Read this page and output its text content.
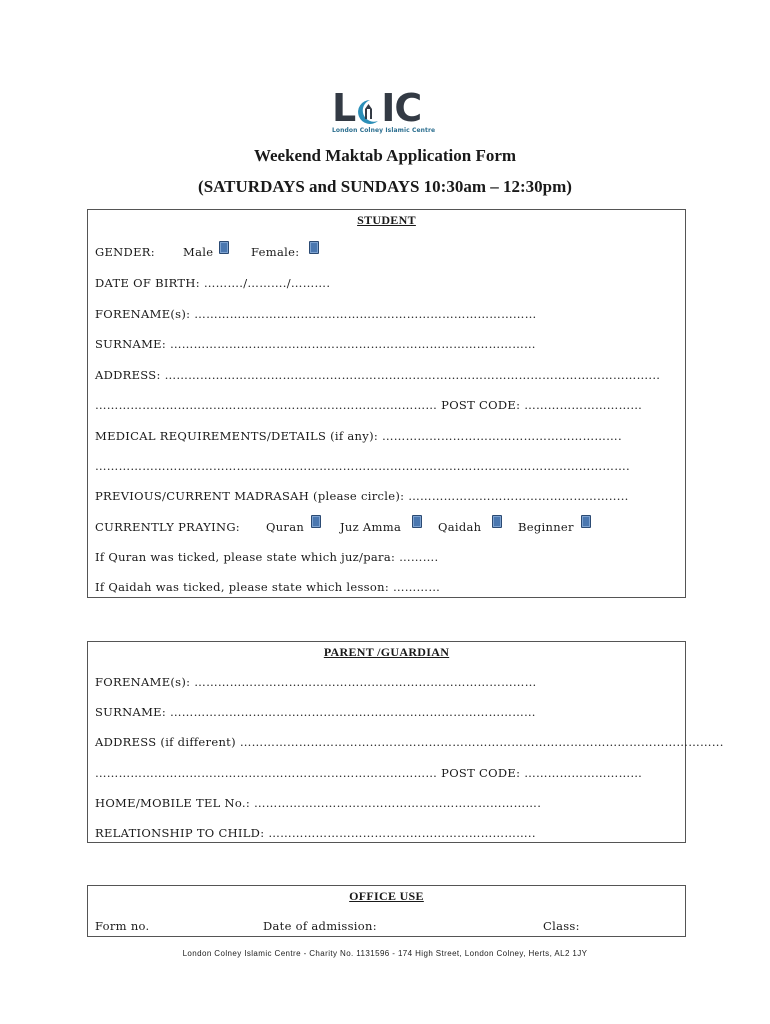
L IC
London Colney Islamic Centre
Weekend Maktab Application Form
(SATURDAYS and SUNDAYS 10:30am – 12:30pm)
STUDENT
GENDER: Male	Female:
DATE OF BIRTH: ………./………./……….
FORENAME(s): ……………………………………………………………………………
SURNAME: …………………………………………………………………………………
ADDRESS: ……………………………………………………………………………………………………………...
…………………………………………………………………………… POST CODE: …………………………
MEDICAL REQUIREMENTS/DETAILS (if any): …………………………………………………….
……………………………………………………………………………………………………………………….
PREVIOUS/CURRENT MADRASAH (please circle): …………………………………………….....
CURRENTLY PRAYING: Quran	Juz Amma	Qaidah	Beginner
If Quran was ticked, please state which juz/para: ……….
If Qaidah was ticked, please state which lesson: …………
PARENT /GUARDIAN
FORENAME(s): ……………………………………………………………………………
SURNAME: …………………………………………………………………………………
ADDRESS (if different) …………………………………………………………………………………………………………...
…………………………………………………………………………… POST CODE: …………………………
HOME/MOBILE TEL No.: ……………………………………………………………….
RELATIONSHIP TO CHILD: …………………………………………………………..
OFFICE USE
Form no.	Date of admission:	Class:
London Colney Islamic Centre - Charity No. 1131596 - 174 High Street, London Colney, Herts, AL2 1JY
